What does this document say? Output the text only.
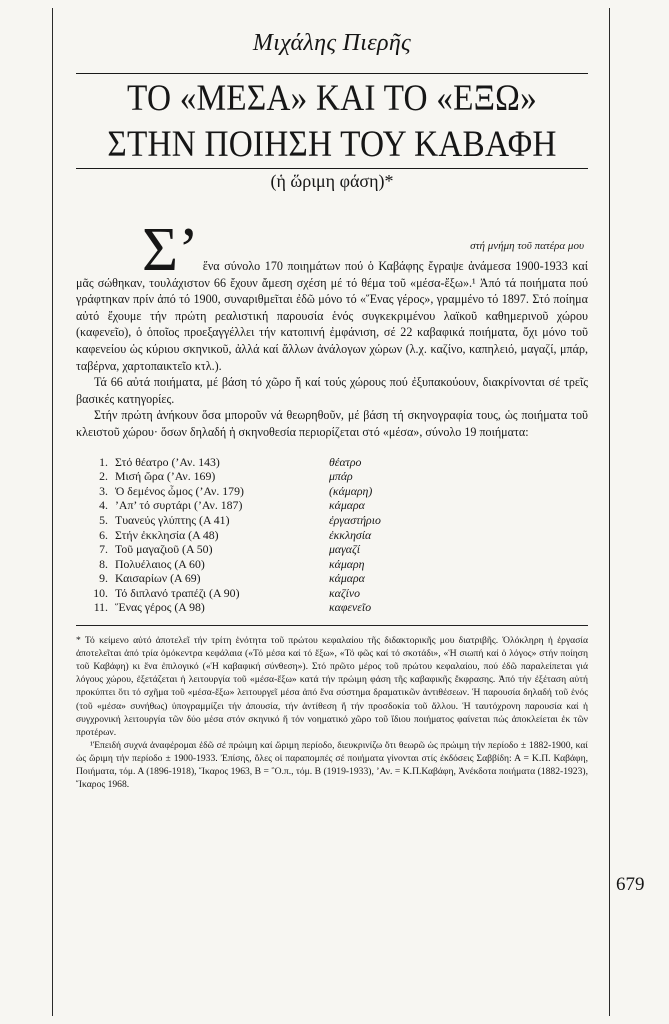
679
Μιχάλης Πιερῆς
ΤΟ «ΜΕΣΑ» ΚΑΙ ΤΟ «ΕΞΩ»
ΣΤΗΝ ΠΟΙΗΣΗ ΤΟΥ ΚΑΒΑΦΗ
(ἡ ὥριμη φάση)*
στή μνήμη τοῦ πατέρα μου
Σ’ ἕνα σύνολο 170 ποιημάτων πού ὁ Καβάφης ἔγραψε ἀνάμεσα 1900-1933 καί μᾶς σώθηκαν, τουλάχιστον 66 ἔχουν ἄμεση σχέση μέ τό θέμα τοῦ «μέσα-ἔξω».¹ Ἀπό τά ποιήματα πού γράφτηκαν πρίν ἀπό τό 1900, συναριθμεῖται ἐδῶ μόνο τό «Ἕνας γέρος», γραμμένο τό 1897. Στό ποίημα αὐτό ἔχουμε τήν πρώτη ρεαλιστική παρουσία ἑνός συγκεκριμένου λαϊκοῦ καθημερινοῦ χώρου (καφενεῖο), ὁ ὁποῖος προεξαγγέλλει τήν κατοπινή ἐμφάνιση, σέ 22 καβαφικά ποιήματα, ὄχι μόνο τοῦ καφενείου ὡς κύριου σκηνικοῦ, ἀλλά καί ἄλλων ἀνάλογων χώρων (λ.χ. καζίνο, καπηλειό, μαγαζί, μπάρ, ταβέρνα, χαρτοπαικτεῖο κτλ.).

Τά 66 αὐτά ποιήματα, μέ βάση τό χῶρο ἤ καί τούς χώρους πού ἐξυπακούουν, διακρίνονται σέ τρεῖς βασικές κατηγορίες.

Στήν πρώτη ἀνήκουν ὅσα μποροῦν νά θεωρηθοῦν, μέ βάση τή σκηνογραφία τους, ὡς ποιήματα τοῦ κλειστοῦ χώρου· ὅσων δηλαδή ἡ σκηνοθεσία περιορίζεται στό «μέσα», σύνολο 19 ποιήματα:

1. Στό θέατρο (’Αν. 143)	θέατρο
2. Μισή ὥρα (’Αν. 169)	μπάρ
3. Ὁ δεμένος ὦμος (’Αν. 179)	(κάμαρη)
4. ’Απ’ τό συρτάρι (’Αν. 187)	κάμαρα
5. Τυανεύς γλύπτης (Α 41)	ἐργαστήριο
6. Στήν ἐκκλησία (Α 48)	ἐκκλησία
7. Τοῦ μαγαζιοῦ (Α 50)	μαγαζί
8. Πολυέλαιος (Α 60)	κάμαρη
9. Καισαρίων (Α 69)	κάμαρα
10. Τό διπλανό τραπέζι (Α 90)	καζίνο
11. Ἕνας γέρος (Α 98)	καφενεῖο

* Τό κείμενο αὐτό ἀποτελεῖ τήν τρίτη ἑνότητα τοῦ πρώτου κεφαλαίου τῆς διδακτορικῆς μου διατριβῆς. Ὁλόκληρη ἡ ἐργασία ἀποτελεῖται ἀπό τρία ὁμόκεντρα κεφάλαια («Τό μέσα καί τό ἔξω», «Τό φῶς καί τό σκοτάδι», «Ἡ σιωπή καί ὁ λόγος» στήν ποίηση τοῦ Καβάφη) κι ἕνα ἐπιλογικό («Ἡ καβαφική σύνθεση»). Στό πρῶτο μέρος τοῦ πρώτου κεφαλαίου, πού ἐδῶ παραλείπεται γιά λόγους χώρου, ἐξετάζεται ἡ λειτουργία τοῦ «μέσα-ἔξω» κατά τήν πρώιμη φάση τῆς καβαφικῆς ἔκφρασης. Ἀπό τήν ἐξέταση αὐτή προκύπτει ὅτι τό σχῆμα τοῦ «μέσα-ἔξω» λειτουργεῖ μέσα ἀπό ἕνα σύστημα δραματικῶν ἀντιθέσεων. Ἡ παρουσία δηλαδή τοῦ ἑνός (τοῦ «μέσα» συνήθως) ὑπογραμμίζει τήν ἀπουσία, τήν ἀντίθεση ἤ τήν προσδοκία τοῦ ἄλλου. Ἡ ταυτόχρονη παρουσία καί ἡ συγχρονική λειτουργία τῶν δύο μέσα στόν σκηνικό ἤ τόν νοηματικό χῶρο τοῦ ἴδιου ποιήματος φαίνεται πώς ἀποκλείεται ἐκ τῶν προτέρων.

¹Ἐπειδή συχνά ἀναφέρομαι ἐδῶ σέ πρώιμη καί ὥριμη περίοδο, διευκρινίζω ὅτι θεωρῶ ὡς πρώιμη τήν περίοδο ± 1882-1900, καί ὡς ὥριμη τήν περίοδο ± 1900-1933. Ἐπίσης, ὅλες οἱ παραπομπές σέ ποιήματα γίνονται στίς ἐκδόσεις Σαββίδη: Α = Κ.Π. Καβάφη, Ποιήματα, τόμ. Α (1896-1918), Ἴκαρος 1963, Β = ῝Ο.π., τόμ. Β (1919-1933), ’Αν. = Κ.Π.Καβάφη, Ἀνέκδοτα ποιήματα (1882-1923), Ἴκαρος 1968.
